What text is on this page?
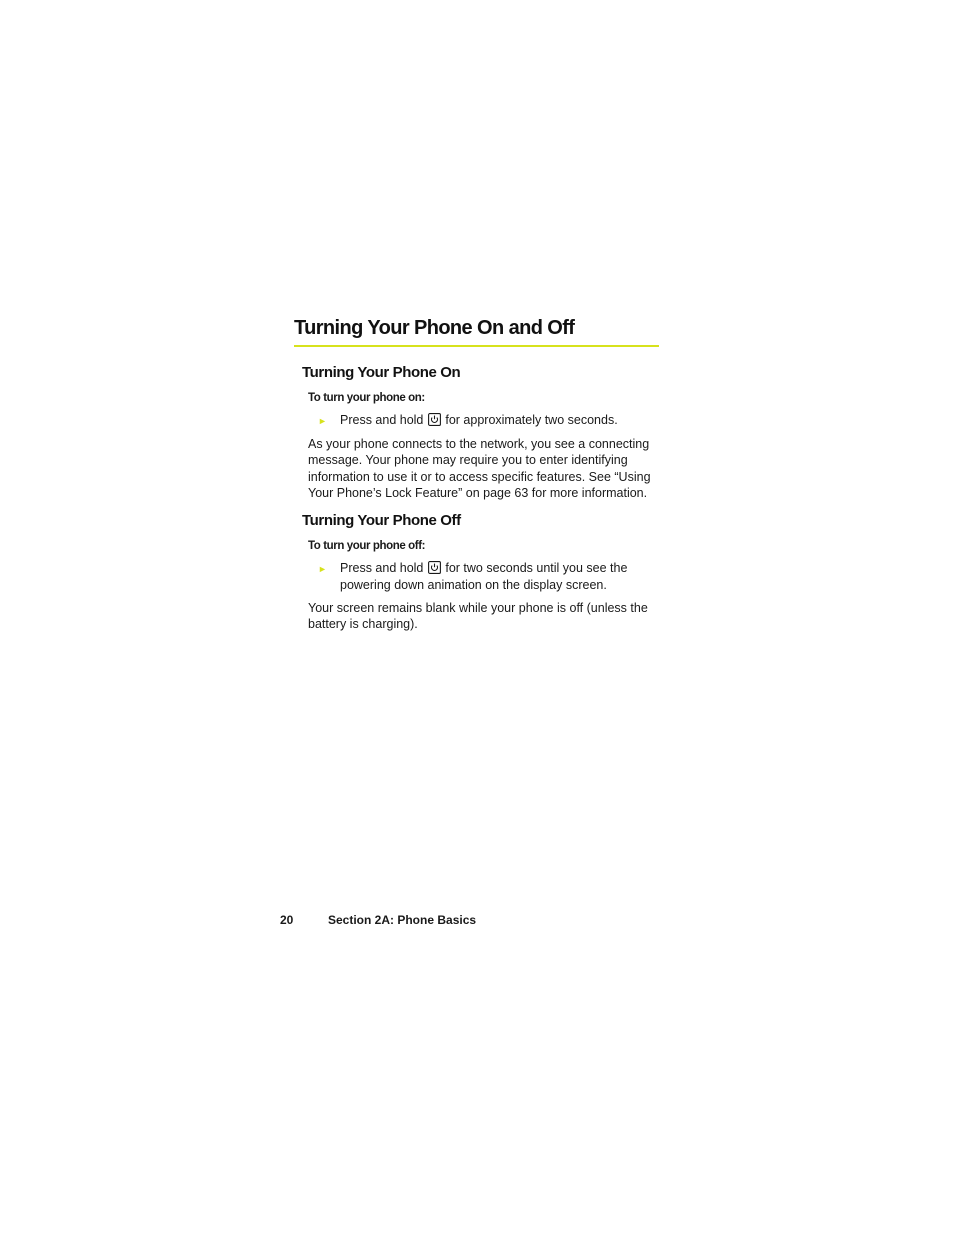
Turning Your Phone On and Off
Turning Your Phone On

To turn your phone on:

► Press and hold for approximately two seconds.

As your phone connects to the network, you see a connecting message. Your phone may require you to enter identifying information to use it or to access specific features. See “Using Your Phone’s Lock Feature” on page 63 for more information.

Turning Your Phone Off

To turn your phone off:

► Press and hold for two seconds until you see the powering down animation on the display screen.

Your screen remains blank while your phone is off (unless the battery is charging).

20	Section 2A: Phone Basics
